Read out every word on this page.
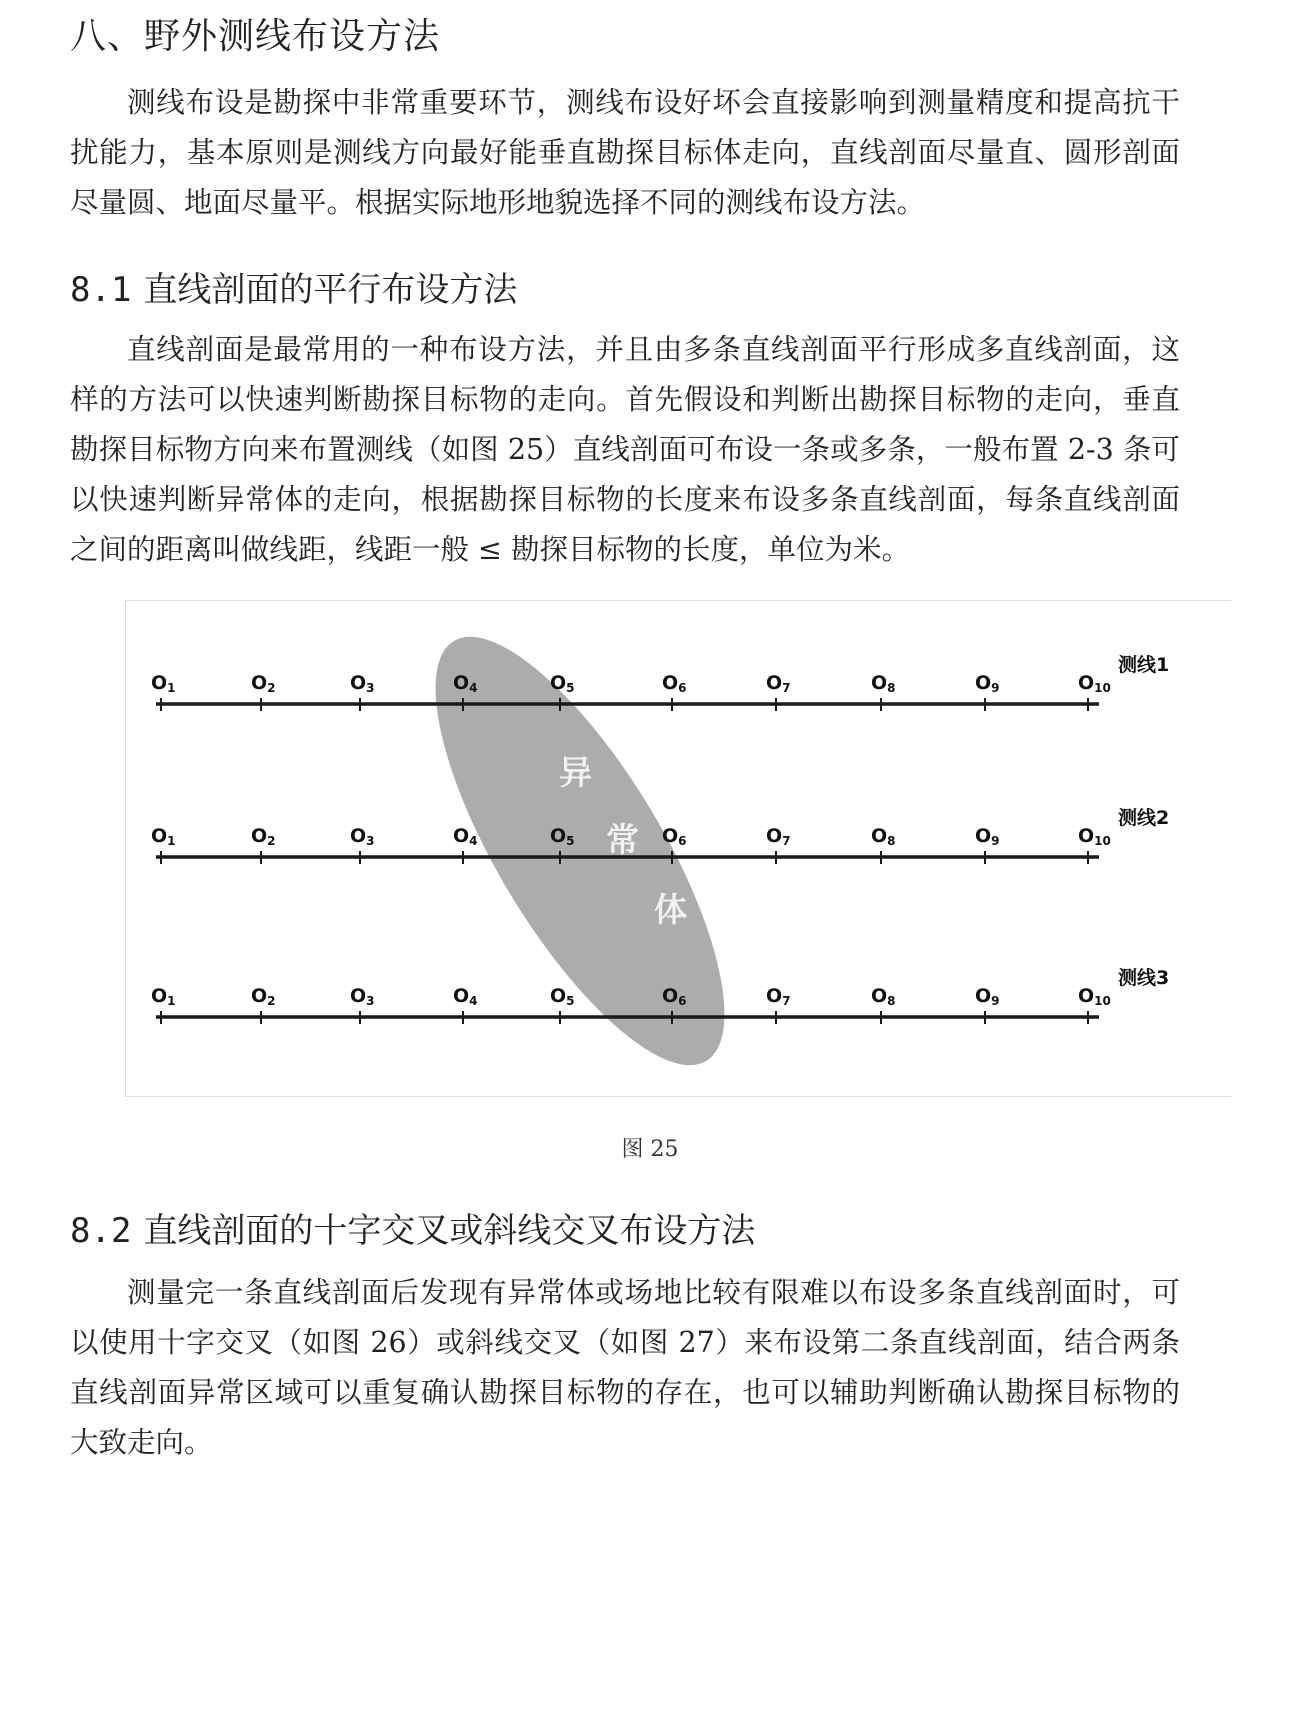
八、野外测线布设方法

测线布设是勘探中非常重要环节，测线布设好坏会直接影响到测量精度和提高抗干扰能力，基本原则是测线方向最好能垂直勘探目标体走向，直线剖面尽量直、圆形剖面尽量圆、地面尽量平。根据实际地形地貌选择不同的测线布设方法。

8.1 直线剖面的平行布设方法

直线剖面是最常用的一种布设方法，并且由多条直线剖面平行形成多直线剖面，这样的方法可以快速判断勘探目标物的走向。首先假设和判断出勘探目标物的走向，垂直勘探目标物方向来布置测线（如图 25）直线剖面可布设一条或多条，一般布置 2-3 条可以快速判断异常体的走向，根据勘探目标物的长度来布设多条直线剖面，每条直线剖面之间的距离叫做线距，线距一般 ≤ 勘探目标物的长度，单位为米。

8.2 直线剖面的十字交叉或斜线交叉布设方法

测量完一条直线剖面后发现有异常体或场地比较有限难以布设多条直线剖面时，可以使用十字交叉（如图 26）或斜线交叉（如图 27）来布设第二条直线剖面，结合两条直线剖面异常区域可以重复确认勘探目标物的存在，也可以辅助判断确认勘探目标物的大致走向。

O1	O2	O3	O4	O5	O6	O7	O8	O9	O10
测线1
O1	O2	O3	O4	O5	O6	O7	O8	O9	O10
测线2
O1	O2	O3	O4	O5	O6	O7	O8	O9	O10
测线3
异
常
体
图 25
